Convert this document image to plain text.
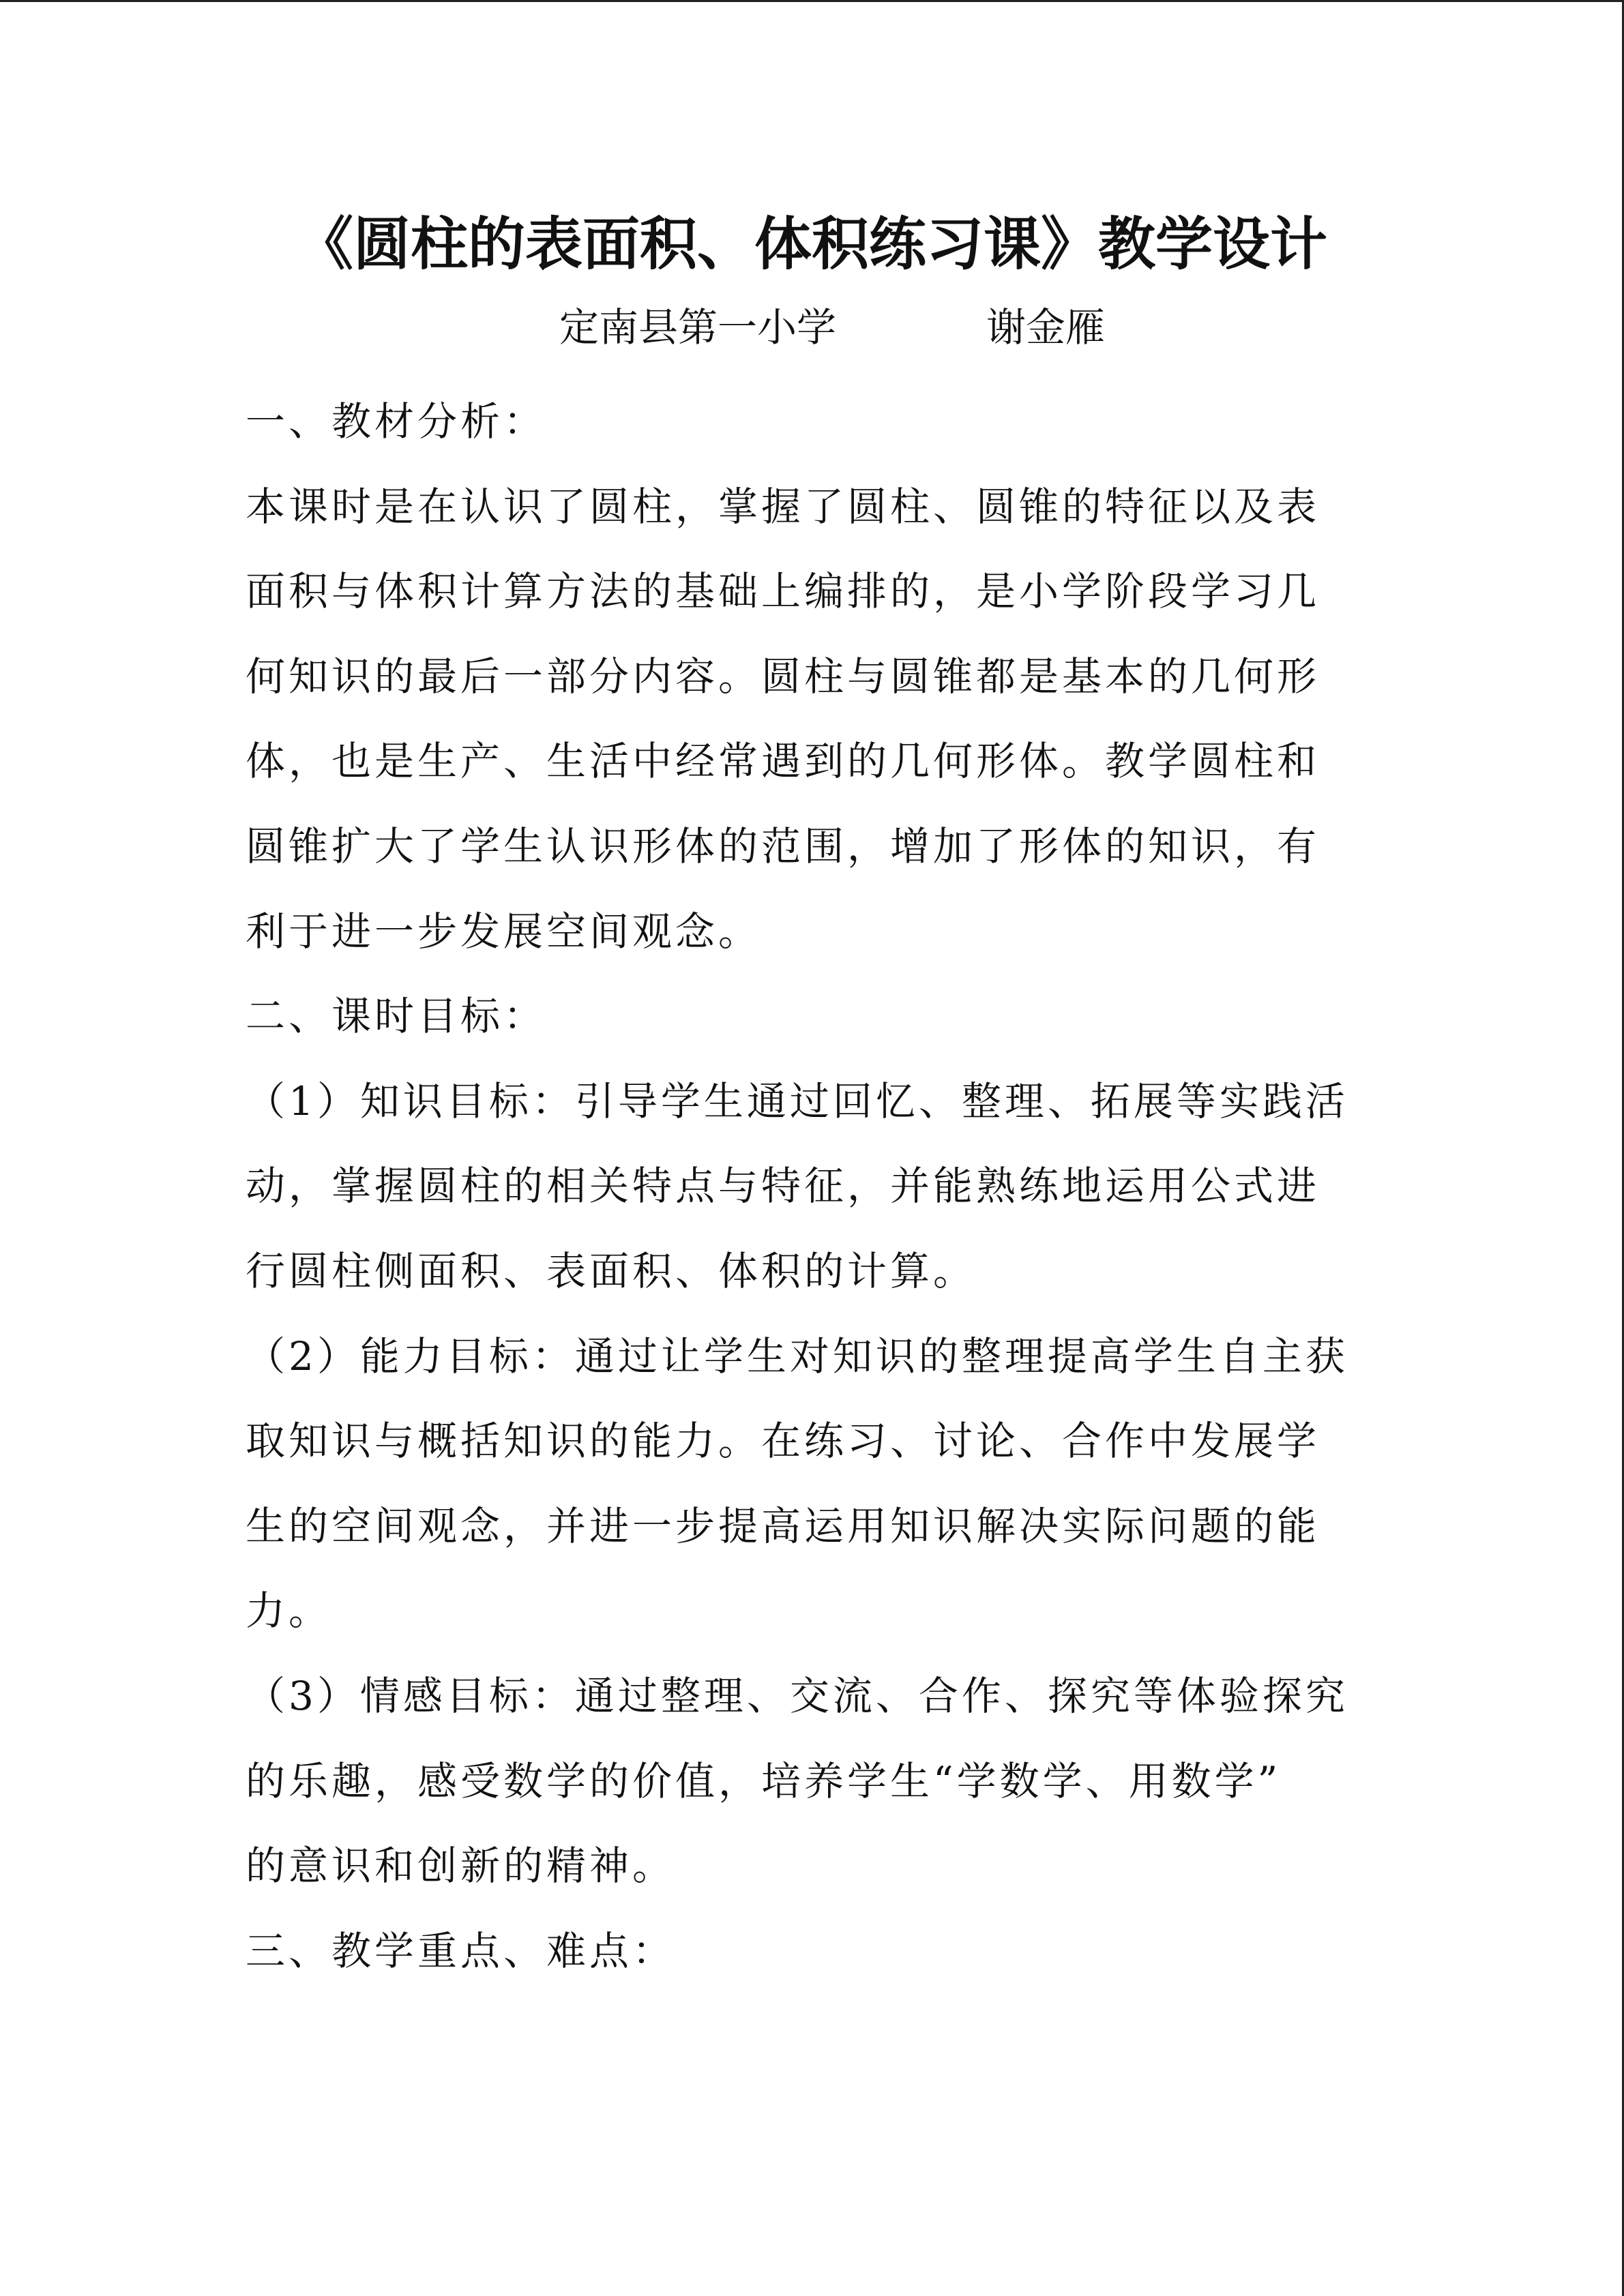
《圆柱的表面积、体积练习课》教学设计
定南县第一小学	谢金雁
一、教材分析：
本课时是在认识了圆柱，掌握了圆柱、圆锥的特征以及表
面积与体积计算方法的基础上编排的，是小学阶段学习几
何知识的最后一部分内容。圆柱与圆锥都是基本的几何形
体，也是生产、生活中经常遇到的几何形体。教学圆柱和
圆锥扩大了学生认识形体的范围，增加了形体的知识，有
利于进一步发展空间观念。
二、课时目标：
（1）知识目标：引导学生通过回忆、整理、拓展等实践活
动，掌握圆柱的相关特点与特征，并能熟练地运用公式进
行圆柱侧面积、表面积、体积的计算。
（2）能力目标：通过让学生对知识的整理提高学生自主获
取知识与概括知识的能力。在练习、讨论、合作中发展学
生的空间观念，并进一步提高运用知识解决实际问题的能
力。
（3）情感目标：通过整理、交流、合作、探究等体验探究
的乐趣，感受数学的价值，培养学生“学数学、用数学”
的意识和创新的精神。
三、教学重点、难点：
